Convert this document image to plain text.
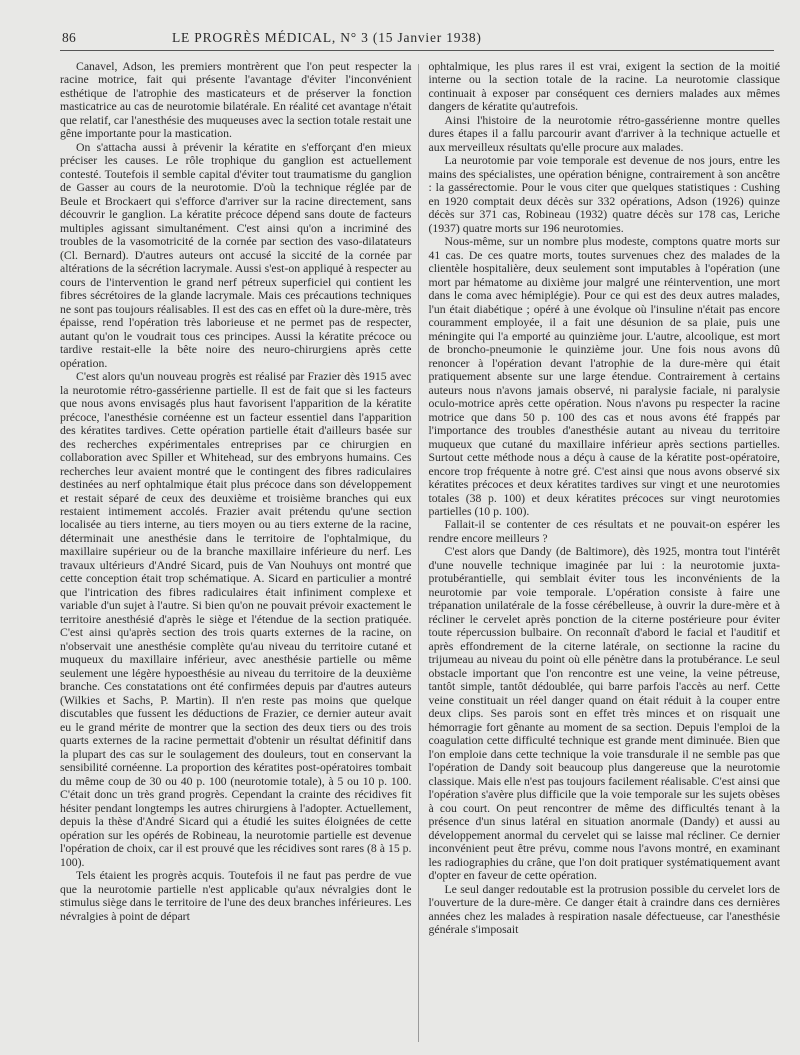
86	LE PROGRÈS MÉDICAL, N° 3 (15 Janvier 1938)

Canavel, Adson, les premiers montrèrent que l'on peut respecter la racine motrice, fait qui présente l'avantage d'éviter l'inconvénient esthétique de l'atrophie des masticateurs et de préserver la fonction masticatrice au cas de neurotomie bilatérale. En réalité cet avantage n'était que relatif, car l'anesthésie des muqueuses avec la section totale restait une gêne importante pour la mastication.

On s'attacha aussi à prévenir la kératite en s'efforçant d'en mieux préciser les causes. Le rôle trophique du ganglion est actuellement contesté. Toutefois il semble capital d'éviter tout traumatisme du ganglion de Gasser au cours de la neurotomie. D'où la technique réglée par de Beule et Brockaert qui s'efforce d'arriver sur la racine directement, sans découvrir le ganglion. La kératite précoce dépend sans doute de facteurs multiples agissant simultanément. C'est ainsi qu'on a incriminé des troubles de la vasomotricité de la cornée par section des vaso-dilatateurs (Cl. Bernard). D'autres auteurs ont accusé la siccité de la cornée par altérations de la sécrétion lacrymale. Aussi s'est-on appliqué à respecter au cours de l'intervention le grand nerf pétreux superficiel qui contient les fibres sécrétoires de la glande lacrymale. Mais ces précautions techniques ne sont pas toujours réalisables. Il est des cas en effet où la dure-mère, très épaisse, rend l'opération très laborieuse et ne permet pas de respecter, autant qu'on le voudrait tous ces principes. Aussi la kératite précoce ou tardive restait-elle la bête noire des neuro-chirurgiens après cette opération.

C'est alors qu'un nouveau progrès est réalisé par Frazier dès 1915 avec la neurotomie rétro-gassérienne partielle. Il est de fait que si les facteurs que nous avons envisagés plus haut favorisent l'apparition de la kératite précoce, l'anesthésie cornéenne est un facteur essentiel dans l'apparition des kératites tardives. Cette opération partielle était d'ailleurs basée sur des recherches expérimentales entreprises par ce chirurgien en collaboration avec Spiller et Whitehead, sur des embryons humains. Ces recherches leur avaient montré que le contingent des fibres radiculaires destinées au nerf ophtalmique était plus précoce dans son développement et restait séparé de ceux des deuxième et troisième branches qui eux restaient intimement accolés. Frazier avait prétendu qu'une section localisée au tiers interne, au tiers moyen ou au tiers externe de la racine, déterminait une anesthésie dans le territoire de l'ophtalmique, du maxillaire supérieur ou de la branche maxillaire inférieure du nerf. Les travaux ultérieurs d'André Sicard, puis de Van Nouhuys ont montré que cette conception était trop schématique. A. Sicard en particulier a montré que l'intrication des fibres radiculaires était infiniment complexe et variable d'un sujet à l'autre. Si bien qu'on ne pouvait prévoir exactement le territoire anesthésié d'après le siège et l'étendue de la section pratiquée. C'est ainsi qu'après section des trois quarts externes de la racine, on n'observait une anesthésie complète qu'au niveau du territoire cutané et muqueux du maxillaire inférieur, avec anesthésie partielle ou même seulement une légère hypoesthésie au niveau du territoire de la deuxième branche. Ces constatations ont été confirmées depuis par d'autres auteurs (Wilkies et Sachs, P. Martin). Il n'en reste pas moins que quelque discutables que fussent les déductions de Frazier, ce dernier auteur avait eu le grand mérite de montrer que la section des deux tiers ou des trois quarts externes de la racine permettait d'obtenir un résultat définitif dans la plupart des cas sur le soulagement des douleurs, tout en conservant la sensibilité cornéenne. La proportion des kératites post-opératoires tombait du même coup de 30 ou 40 p. 100 (neurotomie totale), à 5 ou 10 p. 100. C'était donc un très grand progrès. Cependant la crainte des récidives fit hésiter pendant longtemps les autres chirurgiens à l'adopter. Actuellement, depuis la thèse d'André Sicard qui a étudié les suites éloignées de cette opération sur les opérés de Robineau, la neurotomie partielle est devenue l'opération de choix, car il est prouvé que les récidives sont rares (8 à 15 p. 100).

Tels étaient les progrès acquis. Toutefois il ne faut pas perdre de vue que la neurotomie partielle n'est applicable qu'aux névralgies dont le stimulus siège dans le territoire de l'une des deux branches inférieures. Les névralgies à point de départ

ophtalmique, les plus rares il est vrai, exigent la section de la moitié interne ou la section totale de la racine. La neurotomie classique continuait à exposer par conséquent ces derniers malades aux mêmes dangers de kératite qu'autrefois.

Ainsi l'histoire de la neurotomie rétro-gassérienne montre quelles dures étapes il a fallu parcourir avant d'arriver à la technique actuelle et aux merveilleux résultats qu'elle procure aux malades.

La neurotomie par voie temporale est devenue de nos jours, entre les mains des spécialistes, une opération bénigne, contrairement à son ancêtre : la gassérectomie. Pour le vous citer que quelques statistiques : Cushing en 1920 comptait deux décès sur 332 opérations, Adson (1926) quinze décès sur 371 cas, Robineau (1932) quatre décès sur 178 cas, Leriche (1937) quatre morts sur 196 neurotomies.

Nous-même, sur un nombre plus modeste, comptons quatre morts sur 41 cas. De ces quatre morts, toutes survenues chez des malades de la clientèle hospitalière, deux seulement sont imputables à l'opération (une mort par hématome au dixième jour malgré une réintervention, une mort dans le coma avec hémiplégie). Pour ce qui est des deux autres malades, l'un était diabétique ; opéré à une évolque où l'insuline n'était pas encore couramment employée, il a fait une désunion de sa plaie, puis une méningite qui l'a emporté au quinzième jour. L'autre, alcoolique, est mort de broncho-pneumonie le quinzième jour. Une fois nous avons dû renoncer à l'opération devant l'atrophie de la dure-mère qui était pratiquement absente sur une large étendue. Contrairement à certains auteurs nous n'avons jamais observé, ni paralysie faciale, ni paralysie oculo-motrice après cette opération. Nous n'avons pu respecter la racine motrice que dans 50 p. 100 des cas et nous avons été frappés par l'importance des troubles d'anesthésie autant au niveau du territoire muqueux que cutané du maxillaire inférieur après sections partielles. Surtout cette méthode nous a déçu à cause de la kératite post-opératoire, encore trop fréquente à notre gré. C'est ainsi que nous avons observé six kératites précoces et deux kératites tardives sur vingt et une neurotomies totales (38 p. 100) et deux kératites précoces sur vingt neurotomies partielles (10 p. 100).

Fallait-il se contenter de ces résultats et ne pouvait-on espérer les rendre encore meilleurs ?

C'est alors que Dandy (de Baltimore), dès 1925, montra tout l'intérêt d'une nouvelle technique imaginée par lui : la neurotomie juxta-protubérantielle, qui semblait éviter tous les inconvénients de la neurotomie par voie temporale. L'opération consiste à faire une trépanation unilatérale de la fosse cérébelleuse, à ouvrir la dure-mère et à récliner le cervelet après ponction de la citerne postérieure pour éviter toute répercussion bulbaire. On reconnaît d'abord le facial et l'auditif et après effondrement de la citerne latérale, on sectionne la racine du trijumeau au niveau du point où elle pénètre dans la protubérance. Le seul obstacle important que l'on rencontre est une veine, la veine pétreuse, tantôt simple, tantôt dédoublée, qui barre parfois l'accès au nerf. Cette veine constituait un réel danger quand on était réduit à la couper entre deux clips. Ses parois sont en effet très minces et on risquait une hémorragie fort gênante au moment de sa section. Depuis l'emploi de la coagulation cette difficulté technique est grande ment diminuée. Bien que l'on emploie dans cette technique la voie transdurale il ne semble pas que l'opération de Dandy soit beaucoup plus dangereuse que la neurotomie classique. Mais elle n'est pas toujours facilement réalisable. C'est ainsi que l'opération s'avère plus difficile que la voie temporale sur les sujets obèses à cou court. On peut rencontrer de même des difficultés tenant à la présence d'un sinus latéral en situation anormale (Dandy) et aussi au développement anormal du cervelet qui se laisse mal récliner. Ce dernier inconvénient peut être prévu, comme nous l'avons montré, en examinant les radiographies du crâne, que l'on doit pratiquer systématiquement avant d'opter en faveur de cette opération.

Le seul danger redoutable est la protrusion possible du cervelet lors de l'ouverture de la dure-mère. Ce danger était à craindre dans ces dernières années chez les malades à respiration nasale défectueuse, car l'anesthésie générale s'imposait
